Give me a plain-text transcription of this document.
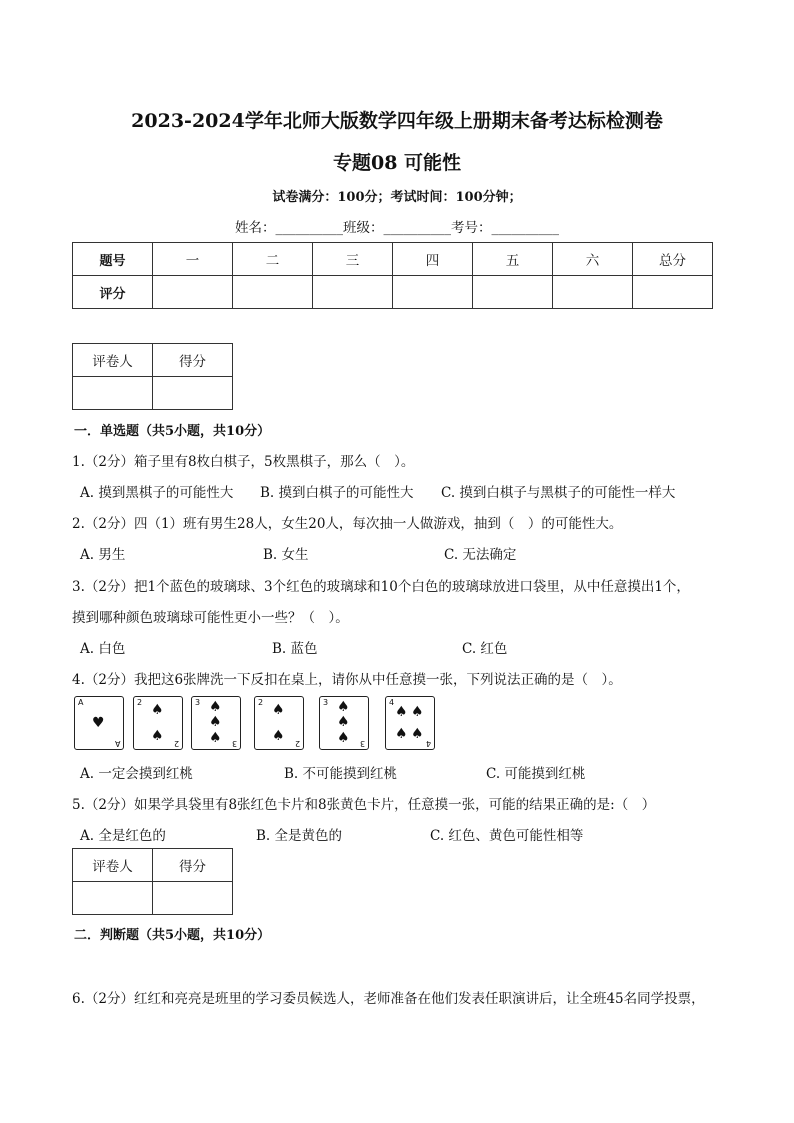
2023-2024学年北师大版数学四年级上册期末备考达标检测卷
专题08 可能性
试卷满分：100分；考试时间：100分钟；
姓名：__________班级：__________考号：__________
题号	一	二	三	四	五	六	总分
评分							
评卷人	得分

一．单选题（共5小题，共10分）
1.（2分）箱子里有8枚白棋子，5枚黑棋子，那么（　）。
A. 摸到黑棋子的可能性大 B. 摸到白棋子的可能性大 C. 摸到白棋子与黑棋子的可能性一样大
2.（2分）四（1）班有男生28人，女生20人，每次抽一人做游戏，抽到（　）的可能性大。
A. 男生	B. 女生	C. 无法确定
3.（2分）把1个蓝色的玻璃球、3个红色的玻璃球和10个白色的玻璃球放进口袋里，从中任意摸出1个，
摸到哪种颜色玻璃球可能性更小一些？（　）。
A. 白色	B. 蓝色	C. 红色
4.（2分）我把这6张牌洗一下反扣在桌上，请你从中任意摸一张，下列说法正确的是（　）。
A
♥
A
2 ♠
♠ 2
3 ♠
♠
♠ 3
2 ♠
♠ 2
3 ♠
♠
♠ 3
4
♠ ♠
♠ ♠
4
A. 一定会摸到红桃	B. 不可能摸到红桃	C. 可能摸到红桃
5.（2分）如果学具袋里有8张红色卡片和8张黄色卡片，任意摸一张，可能的结果正确的是:（　）
A. 全是红色的	B. 全是黄色的	C. 红色、黄色可能性相等
评卷人	得分

二．判断题（共5小题，共10分）
6.（2分）红红和亮亮是班里的学习委员候选人，老师准备在他们发表任职演讲后，让全班45名同学投票，
